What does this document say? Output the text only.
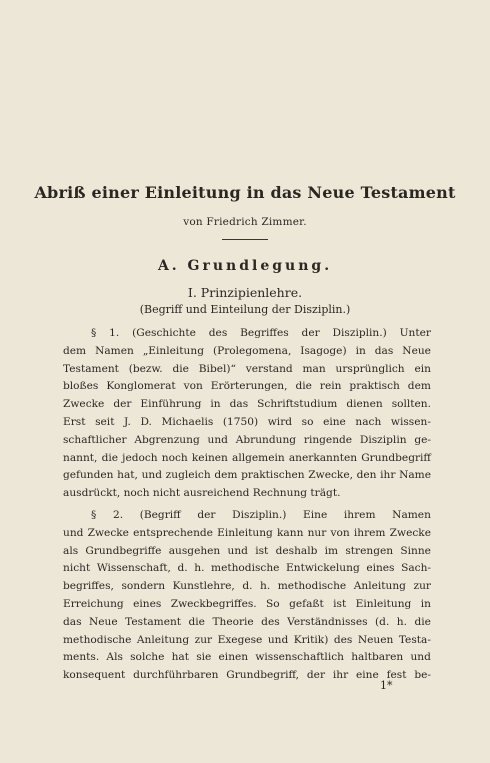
Abriß einer Einleitung in das Neue Testament
von Friedrich Zimmer.
A. Grundlegung.
I. Prinzipienlehre.
(Begriff und Einteilung der Disziplin.)
§ 1. (Geschichte des Begriffes der Disziplin.) Unter
dem Namen „Einleitung (Prolegomena, Isagoge) in das Neue
Testament (bezw. die Bibel)“ verstand man ursprünglich ein
bloßes Konglomerat von Erörterungen, die rein praktisch dem
Zwecke der Einführung in das Schriftstudium dienen sollten.
Erst seit J. D. Michaelis (1750) wird so eine nach wissen-
schaftlicher Abgrenzung und Abrundung ringende Disziplin ge-
nannt, die jedoch noch keinen allgemein anerkannten Grundbegriff
gefunden hat, und zugleich dem praktischen Zwecke, den ihr Name
ausdrückt, noch nicht ausreichend Rechnung trägt.
§ 2. (Begriff der Disziplin.) Eine ihrem Namen
und Zwecke entsprechende Einleitung kann nur von ihrem Zwecke
als Grundbegriffe ausgehen und ist deshalb im strengen Sinne
nicht Wissenschaft, d. h. methodische Entwickelung eines Sach-
begriffes, sondern Kunstlehre, d. h. methodische Anleitung zur
Erreichung eines Zweckbegriffes. So gefaßt ist Einleitung in
das Neue Testament die Theorie des Verständnisses (d. h. die
methodische Anleitung zur Exegese und Kritik) des Neuen Testa-
ments. Als solche hat sie einen wissenschaftlich haltbaren und
konsequent durchführbaren Grundbegriff, der ihr eine fest be-
1*
